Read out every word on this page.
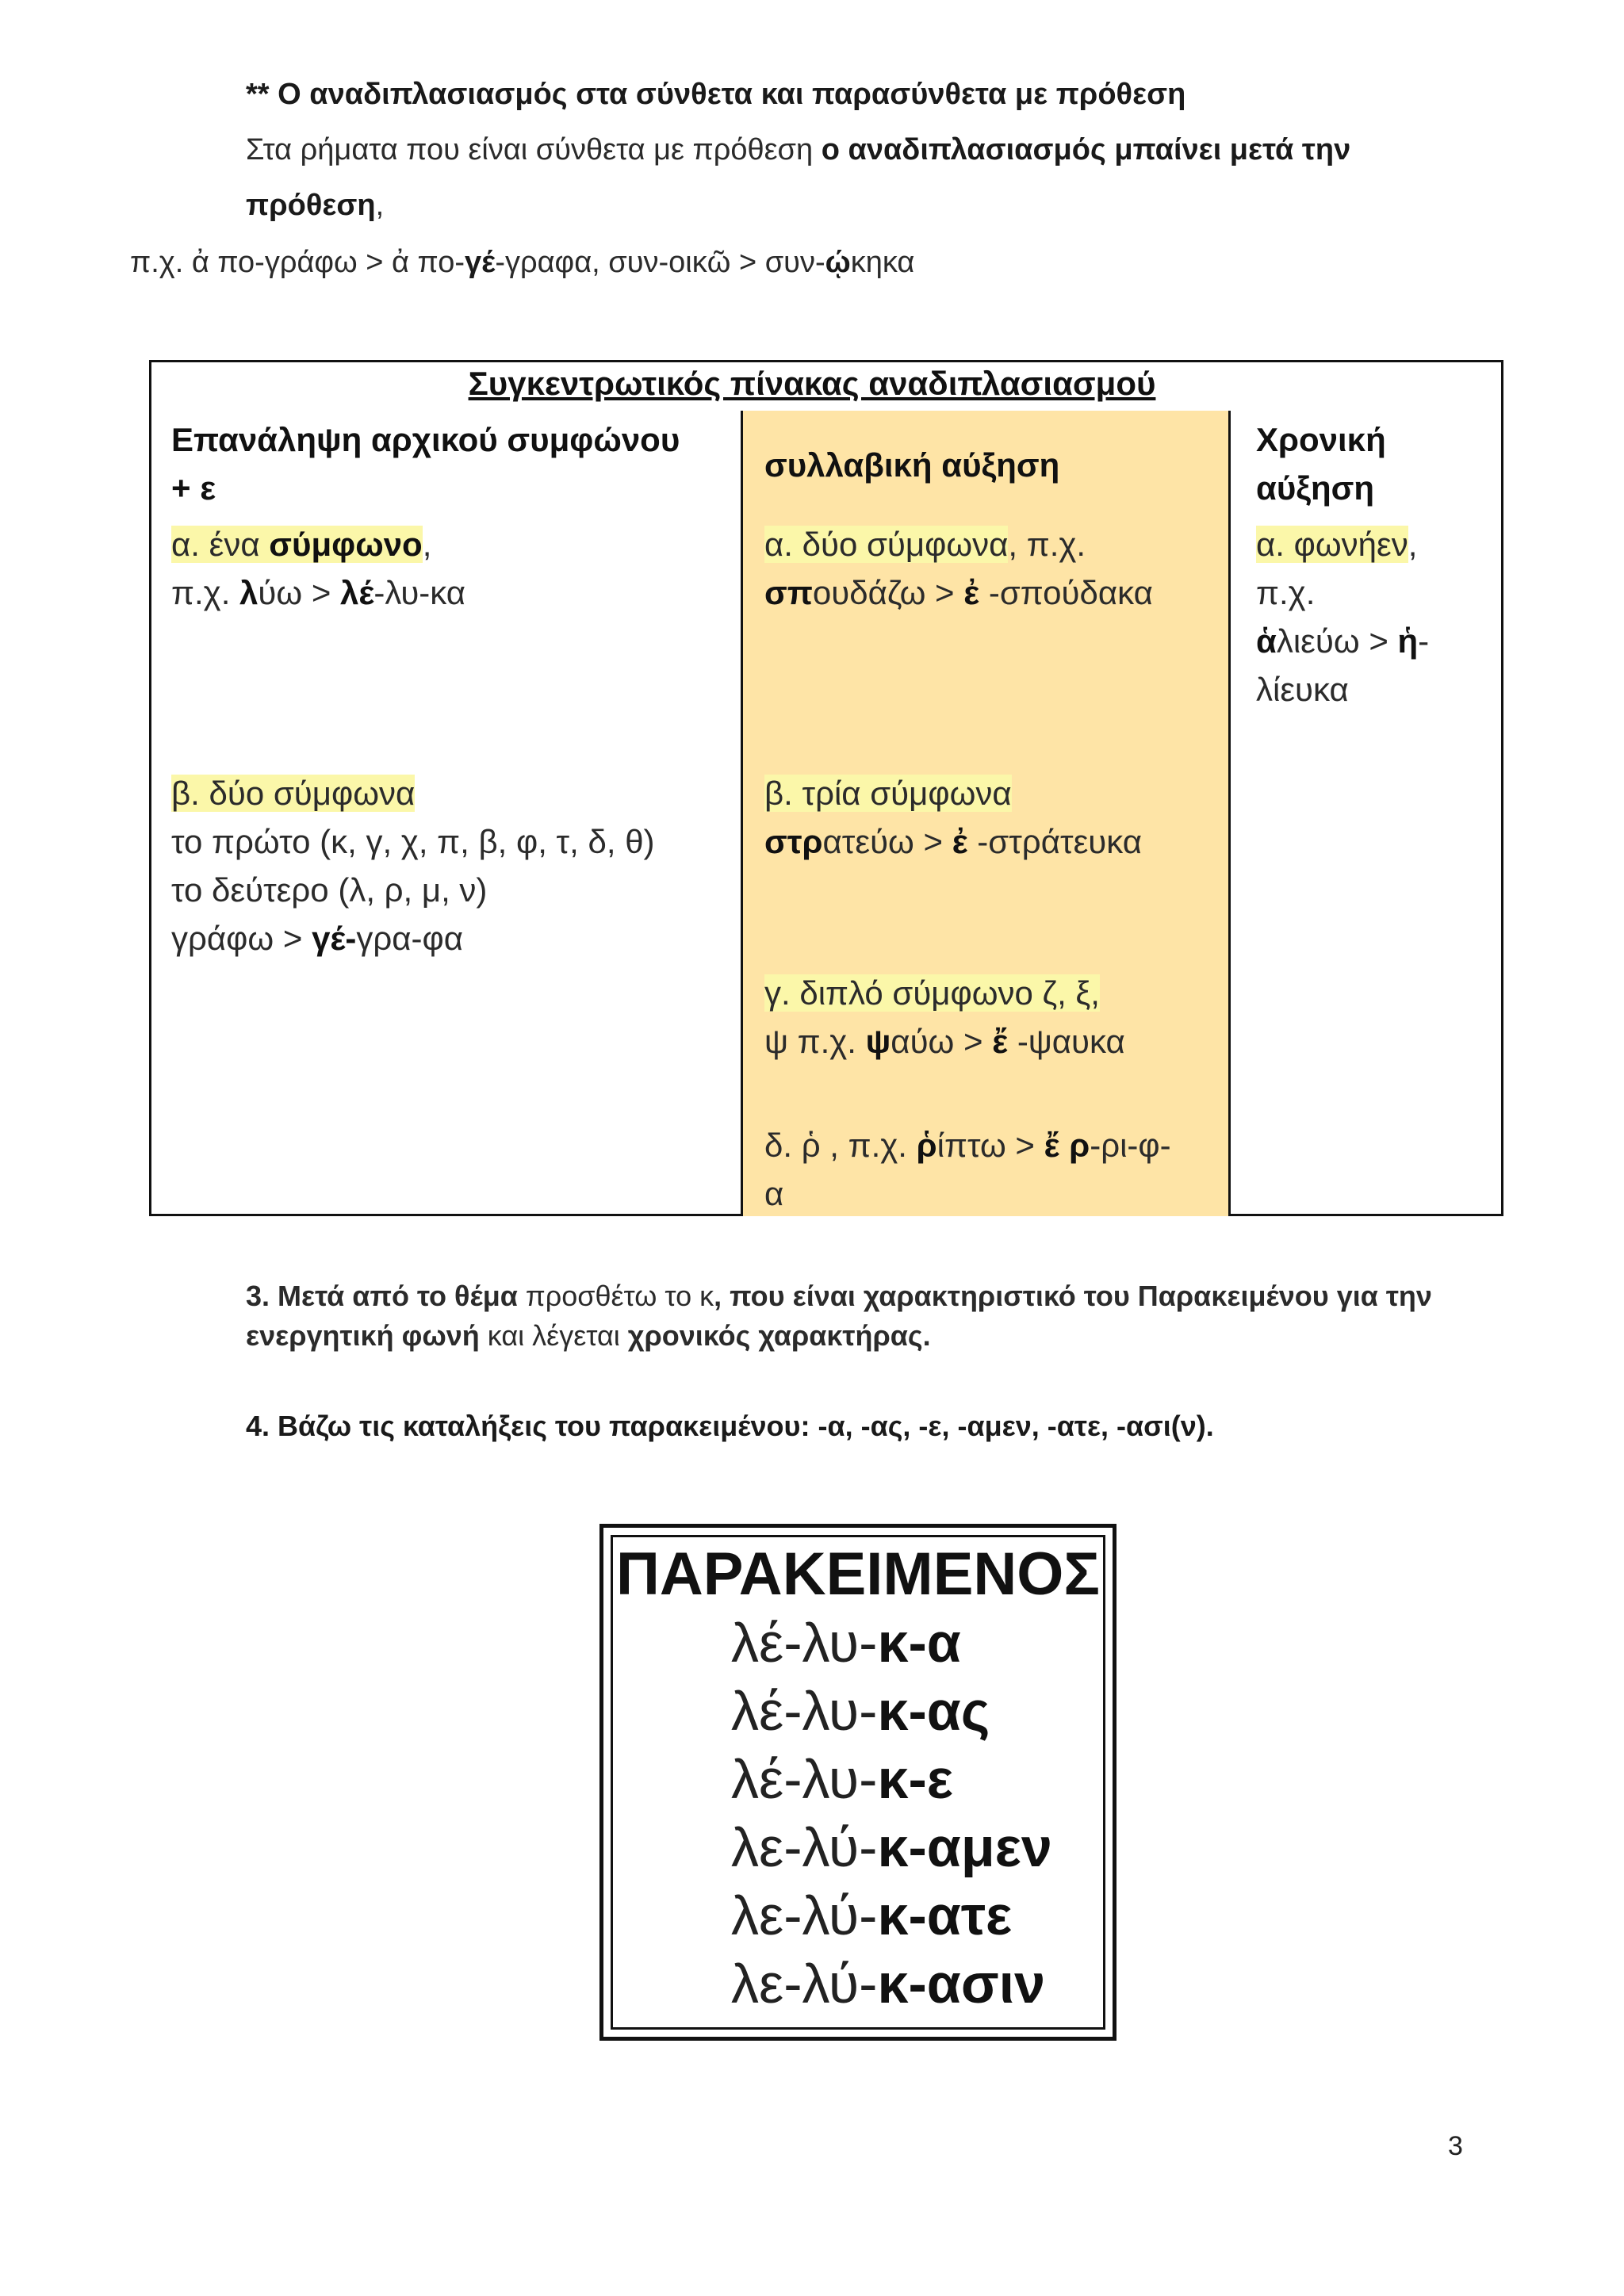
** Ο αναδιπλασιασμός στα σύνθετα και παρασύνθετα με πρόθεση
Στα ρήματα που είναι σύνθετα με πρόθεση ο αναδιπλασιασμός μπαίνει μετά την
πρόθεση,
π.χ. ἀ πο-γράφω > ἀ πο-γέ-γραφα, συν-οικῶ > συν-ῴκηκα
Συγκεντρωτικός πίνακας αναδιπλασιασμού
Επανάληψη αρχικού συμφώνου
+ ε
α. ένα σύμφωνο,
π.χ. λύω > λέ-λυ-κα
β. δύο σύμφωνα
το πρώτο (κ, γ, χ, π, β, φ, τ, δ, θ)
το δεύτερο (λ, ρ, μ, ν)
γράφω > γέ-γρα-φα
συλλαβική αύξηση
α. δύο σύμφωνα, π.χ.
σπουδάζω > ἐ -σπούδακα
β. τρία σύμφωνα
στρατεύω > ἐ -στράτευκα
γ. διπλό σύμφωνο ζ, ξ,
ψ π.χ. ψαύω > ἔ -ψαυκα
δ. ῥ , π.χ. ῥίπτω > ἔ ρ-ρι-φ-
α
Χρονική
αύξηση
α. φωνήεν,
π.χ.
ἁλιεύω > ἡ-
λίευκα
3. Μετά από το θέμα προσθέτω το κ, που είναι χαρακτηριστικό του Παρακειμένου για την ενεργητική φωνή και λέγεται χρονικός χαρακτήρας.
4. Βάζω τις καταλήξεις του παρακειμένου: -α, -ας, -ε, -αμεν, -ατε, -ασι(ν).
ΠΑΡΑΚΕΙΜΕΝΟΣ
λέ-λυ-κ-α
λέ-λυ-κ-ας
λέ-λυ-κ-ε
λε-λύ-κ-αμεν
λε-λύ-κ-ατε
λε-λύ-κ-ασιν
3
